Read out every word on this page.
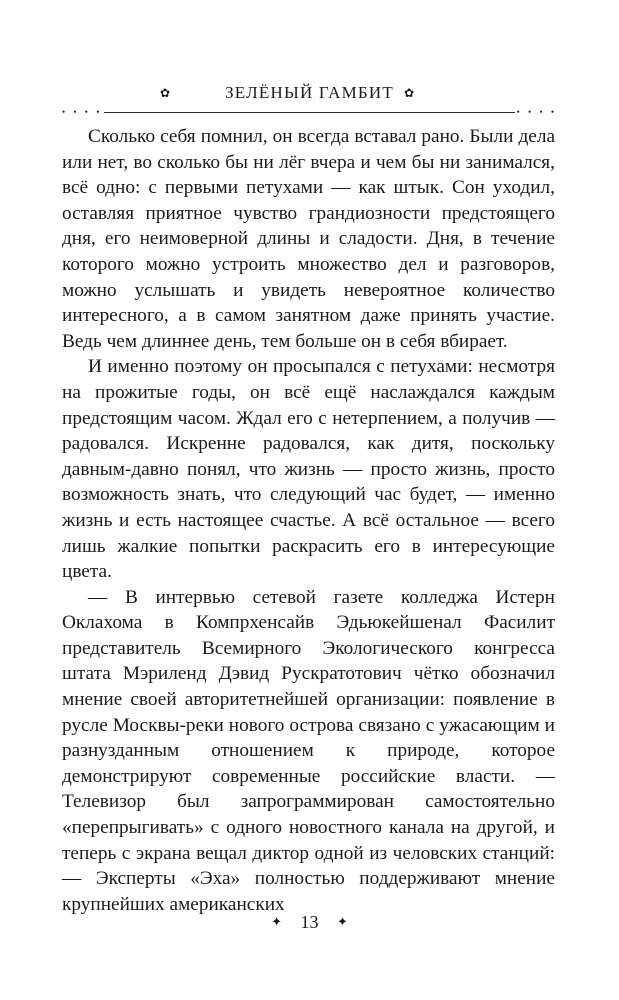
✿	ЗЕЛЁНЫЙ ГАМБИТ ✿
• • • •	• • • •

Сколько себя помнил, он всегда вставал рано. Были дела или нет, во сколько бы ни лёг вчера и чем бы ни занимался, всё одно: с первыми петухами — как штык. Сон уходил, оставляя приятное чувство грандиозности предстоящего дня, его неимоверной длины и сладости. Дня, в течение которого можно устроить множество дел и разговоров, можно услышать и увидеть невероятное количество интересного, а в самом занятном даже принять участие. Ведь чем длиннее день, тем больше он в себя вбирает.

И именно поэтому он просыпался с петухами: несмотря на прожитые годы, он всё ещё наслаждался каждым предстоящим часом. Ждал его с нетерпением, а получив — радовался. Искренне радовался, как дитя, поскольку давным-давно понял, что жизнь — просто жизнь, просто возможность знать, что следующий час будет, — именно жизнь и есть настоящее счастье. А всё остальное — всего лишь жалкие попытки раскрасить его в интересующие цвета.

— В интервью сетевой газете колледжа Истерн Оклахома в Компрхенсайв Эдьюкейшенал Фасилит представитель Всемирного Экологического конгресса штата Мэриленд Дэвид Рускратотович чётко обозначил мнение своей авторитетнейшей организации: появление в русле Москвы-реки нового острова связано с ужасающим и разнузданным отношением к природе, которое демонстрируют современные российские власти. — Телевизор был запрограммирован самостоятельно «перепрыгивать» с одного новостного канала на другой, и теперь с экрана вещал диктор одной из человских станций: — Эксперты «Эха» полностью поддерживают мнение крупнейших американских

✦ 13 ✦
